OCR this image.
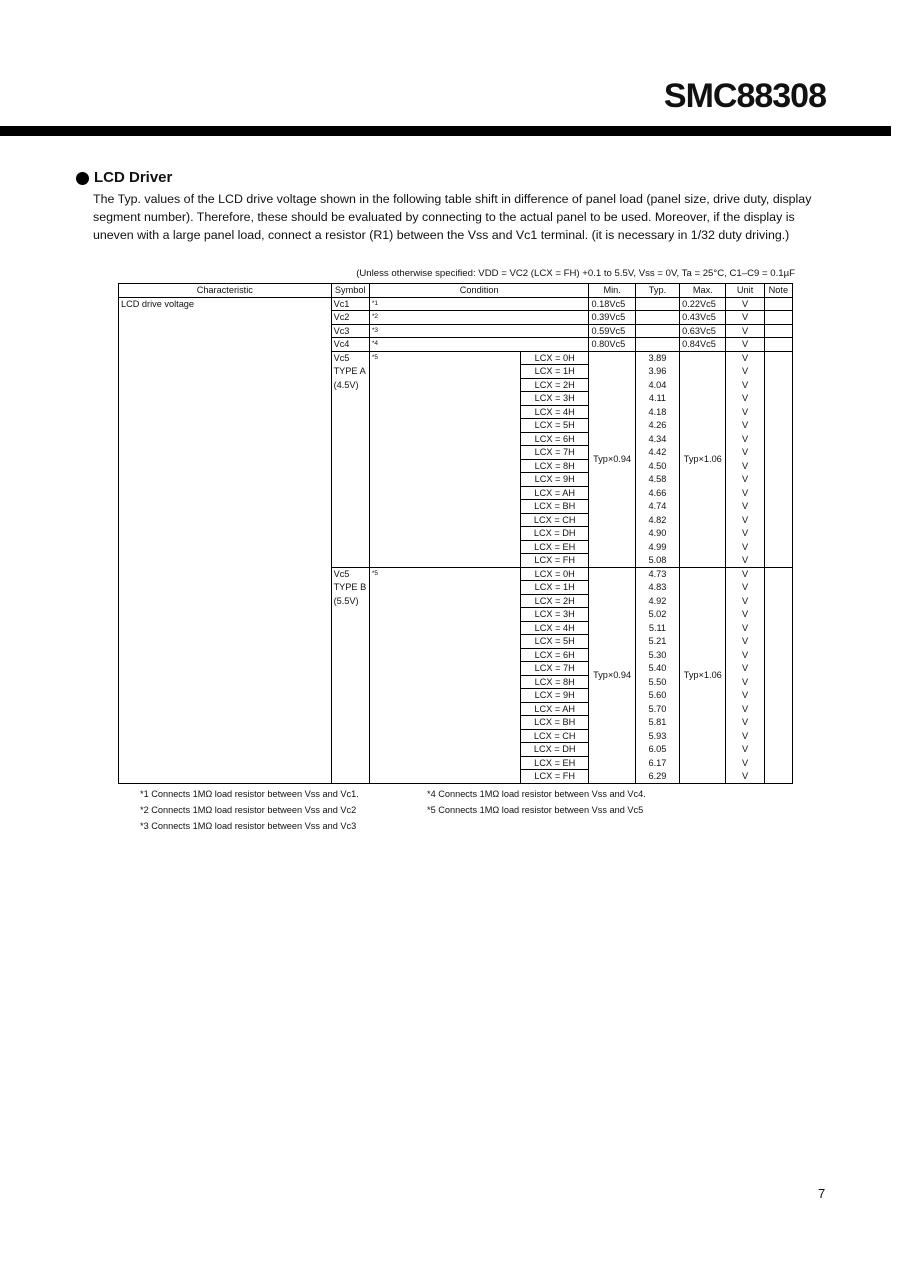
SMC88308
LCD Driver

The Typ. values of the LCD drive voltage shown in the following table shift in difference of panel load (panel size, drive duty, display segment number). Therefore, these should be evaluated by connecting to the actual panel to be used. Moreover, if the display is uneven with a large panel load, connect a resistor (R1) between the Vss and Vc1 terminal. (it is necessary in 1/32 duty driving.)

(Unless otherwise specified: VDD = VC2 (LCX = FH) +0.1 to 5.5V, Vss = 0V, Ta = 25°C, C1–C9 = 0.1µF
Characteristic	Symbol	Condition		Min.	Typ.	Max.	Unit	Note
LCD drive voltage	Vc1	*1		0.18Vc5		0.22Vc5	V	
	Vc2	*2		0.39Vc5		0.43Vc5	V	
	Vc3	*3		0.59Vc5		0.63Vc5	V	
	Vc4	*4		0.80Vc5		0.84Vc5	V	
	Vc5	*5	LCX = 0H	Typ×0.94	3.89	Typ×1.06	V	
	TYPE A		LCX = 1H		3.96		V	
	(4.5V)		LCX = 2H		4.04		V	
			LCX = 3H		4.11		V	
			LCX = 4H		4.18		V	
			LCX = 5H		4.26		V	
			LCX = 6H		4.34		V	
			LCX = 7H		4.42		V	
			LCX = 8H		4.50		V	
			LCX = 9H		4.58		V	
			LCX = AH		4.66		V	
			LCX = BH		4.74		V	
			LCX = CH		4.82		V	
			LCX = DH		4.90		V	
			LCX = EH		4.99		V	
			LCX = FH		5.08		V	
	Vc5	*5	LCX = 0H	Typ×0.94	4.73	Typ×1.06	V	
	TYPE B		LCX = 1H		4.83		V	
	(5.5V)		LCX = 2H		4.92		V	
			LCX = 3H		5.02		V	
			LCX = 4H		5.11		V	
			LCX = 5H		5.21		V	
			LCX = 6H		5.30		V	
			LCX = 7H		5.40		V	
			LCX = 8H		5.50		V	
			LCX = 9H		5.60		V	
			LCX = AH		5.70		V	
			LCX = BH		5.81		V	
			LCX = CH		5.93		V	
			LCX = DH		6.05		V	
			LCX = EH		6.17		V	
			LCX = FH		6.29		V	
*1 Connects 1MΩ load resistor between Vss and Vc1.
*2 Connects 1MΩ load resistor between Vss and Vc2
*3 Connects 1MΩ load resistor between Vss and Vc3
*4 Connects 1MΩ load resistor between Vss and Vc4.
*5 Connects 1MΩ load resistor between Vss and Vc5
7
